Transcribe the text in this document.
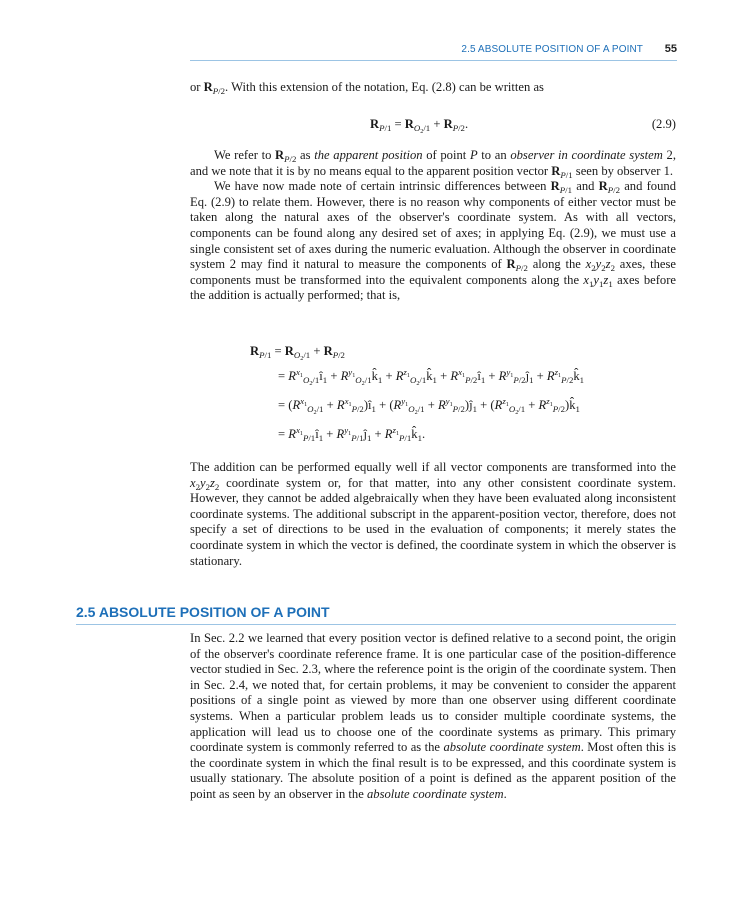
2.5 ABSOLUTE POSITION OF A POINT 55

or $R_{P/2}$. With this extension of the notation, Eq. (2.8) can be written as

$R_{P/1} = R_{O_2/1} + R_{P/2}$.	(2.9)

We refer to $R_{P/2}$ as the apparent position of point P to an observer in coordinate system 2, and we note that it is by no means equal to the apparent position vector $R_{P/1}$ seen by observer 1.

We have now made note of certain intrinsic differences between $R_{P/1}$ and $R_{P/2}$ and found Eq. (2.9) to relate them. However, there is no reason why components of either vector must be taken along the natural axes of the observer's coordinate system. As with all vectors, components can be found along any desired set of axes; in applying Eq. (2.9), we must use a single consistent set of axes during the numeric evaluation. Although the observer in coordinate system 2 may find it natural to measure the components of $R_{P/2}$ along the $x_2y_2z_2$ axes, these components must be transformed into the equivalent components along the $x_1y_1z_1$ axes before the addition is actually performed; that is,

$R_{P/1} = R_{O_2/1} + R_{P/2}$
= $R^{x_1}_{O_2/1}î_1$ + $R^{y_1}_{O_2/1}k̂_1$ + $R^{z_1}_{O_2/1}k̂_1$ + $R^{x_1}_{P/2}î_1$ + $R^{y_1}_{P/2}ĵ_1$ + $R^{z_1}_{P/2}k̂_1$
= ($R^{x_1}_{O_2/1}$ + $R^{x_1}_{P/2})î_1 + (R^{y_1}_{O_2/1}$ + $R^{y_1}_{P/2})ĵ_1 + (R^{z_1}_{O_2/1}$ + $R^{z_1}_{P/2})k̂_1$
= $R^{x_1}_{P/1}î_1$ + $R^{y_1}_{P/1}ĵ_1$ + $R^{z_1}_{P/1}k̂_1$.

The addition can be performed equally well if all vector components are transformed into the $x_2y_2z_2$ coordinate system or, for that matter, into any other consistent coordinate system. However, they cannot be added algebraically when they have been evaluated along inconsistent coordinate systems. The additional subscript in the apparent-position vector, therefore, does not specify a set of directions to be used in the evaluation of components; it merely states the coordinate system in which the vector is defined, the coordinate system in which the observer is stationary.

2.5 ABSOLUTE POSITION OF A POINT

In Sec. 2.2 we learned that every position vector is defined relative to a second point, the origin of the observer's coordinate reference frame. It is one particular case of the position-difference vector studied in Sec. 2.3, where the reference point is the origin of the coordinate system. Then in Sec. 2.4, we noted that, for certain problems, it may be convenient to consider the apparent positions of a single point as viewed by more than one observer using different coordinate systems. When a particular problem leads us to consider multiple coordinate systems, the application will lead us to choose one of the coordinate systems as primary. This primary coordinate system is commonly referred to as the absolute coordinate system. Most often this is the coordinate system in which the final result is to be expressed, and this coordinate system is usually stationary. The absolute position of a point is defined as the apparent position of the point as seen by an observer in the absolute coordinate system.
